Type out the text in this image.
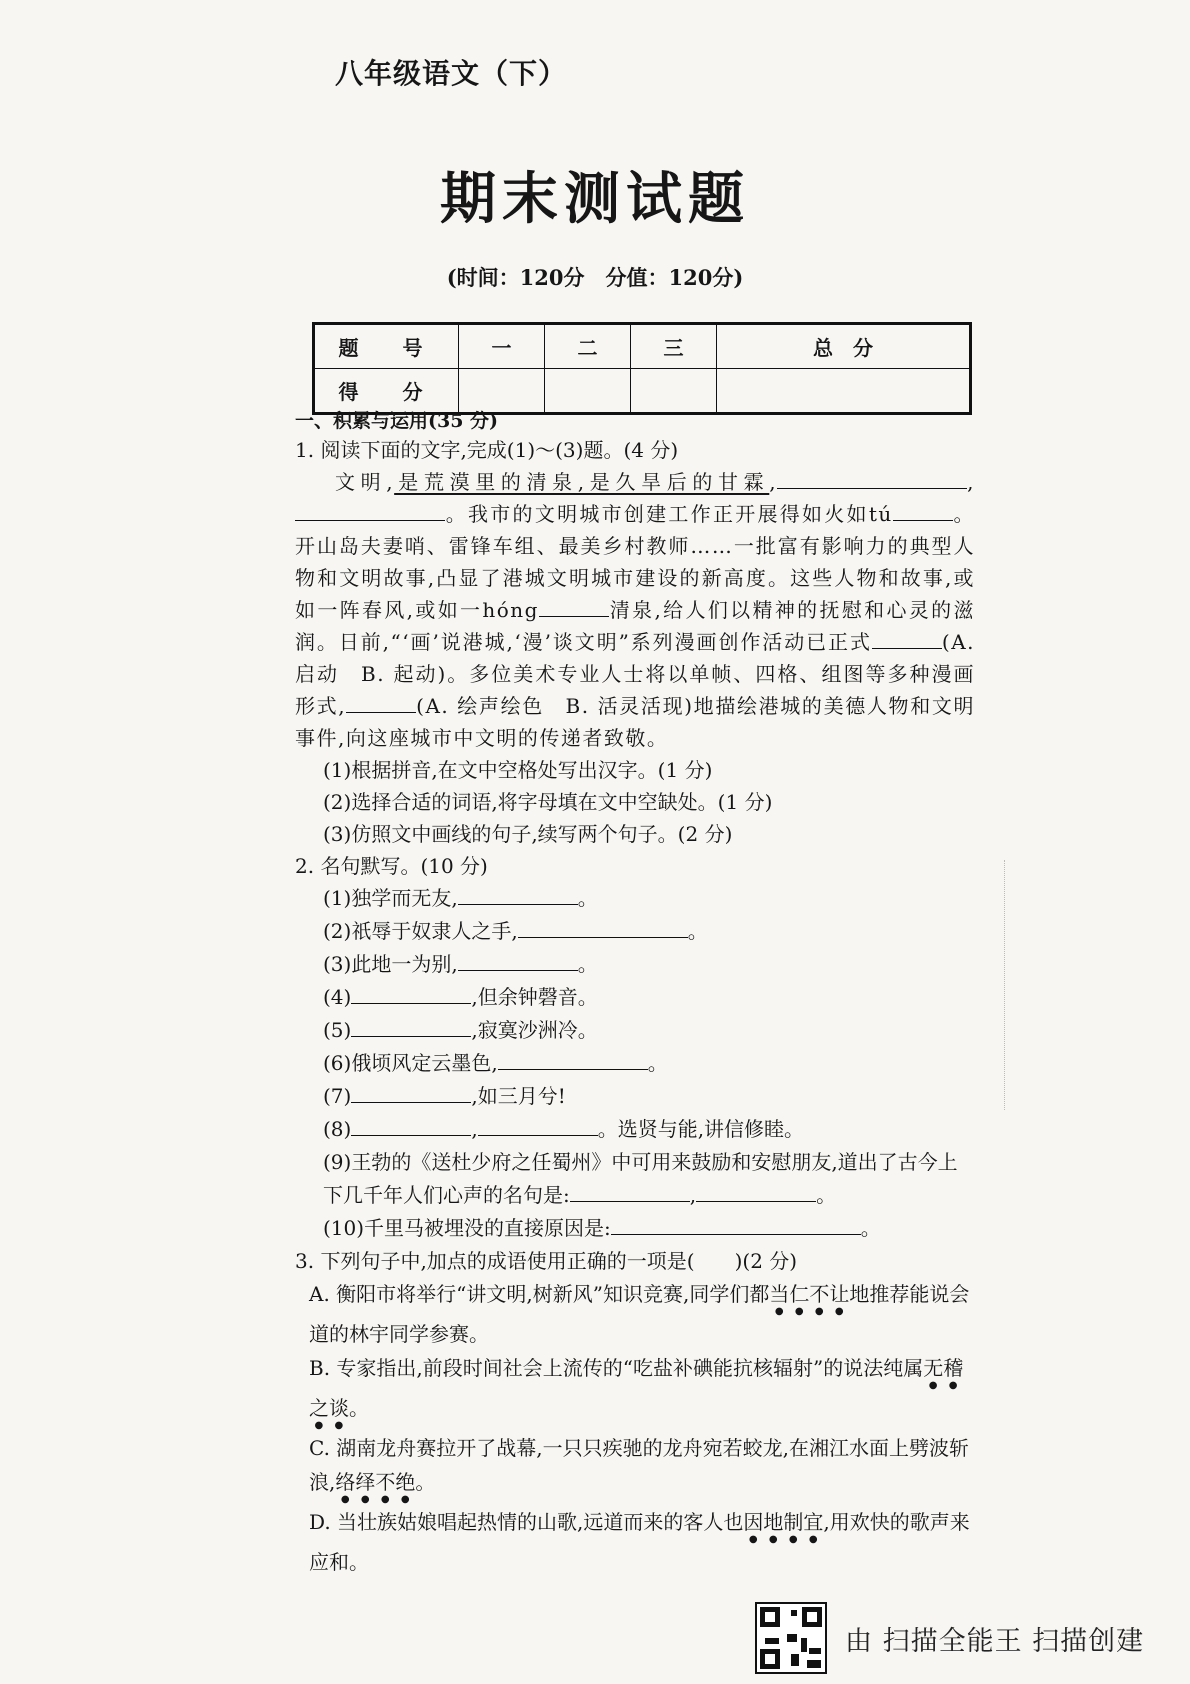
八年级语文（下）
期末测试题
(时间：120分　分值：120分)
题　号	一	二	三	总　分
得　分				
一、积累与运用(35 分)
1. 阅读下面的文字,完成(1)～(3)题。(4 分)
文明,是荒漠里的清泉,是久旱后的甘霖,	,。我市的文明城市创建工作正开展得如火如tú	。开山岛夫妻哨、雷锋车组、最美乡村教师……一批富有影响力的典型人物和文明故事,凸显了港城文明城市建设的新高度。这些人物和故事,或如一阵春风,或如一hóng	清泉,给人们以精神的抚慰和心灵的滋润。日前,“‘画’说港城,‘漫’谈文明”系列漫画创作活动已正式	(A. 启动　B. 起动)。多位美术专业人士将以单帧、四格、组图等多种漫画形式,	(A. 绘声绘色　B. 活灵活现)地描绘港城的美德人物和文明事件,向这座城市中文明的传递者致敬。
(1)根据拼音,在文中空格处写出汉字。(1 分)
(2)选择合适的词语,将字母填在文中空缺处。(1 分)
(3)仿照文中画线的句子,续写两个句子。(2 分)
2. 名句默写。(10 分)
(1)独学而无友,	。
(2)祇辱于奴隶人之手,	。
(3)此地一为别,	。
(4)	,但余钟磬音。
(5)	,寂寞沙洲冷。
(6)俄顷风定云墨色,	。
(7)	,如三月兮!
(8)	,	。选贤与能,讲信修睦。
(9)王勃的《送杜少府之任蜀州》中可用来鼓励和安慰朋友,道出了古今上下几千年人们心声的名句是:	,	。
(10)千里马被埋没的直接原因是:	。
3. 下列句子中,加点的成语使用正确的一项是(　　)(2 分)
A. 衡阳市将举行“讲文明,树新风”知识竞赛,同学们都当仁不让地推荐能说会道的林宇同学参赛。
B. 专家指出,前段时间社会上流传的“吃盐补碘能抗核辐射”的说法纯属无稽之谈。
C. 湖南龙舟赛拉开了战幕,一只只疾驰的龙舟宛若蛟龙,在湘江水面上劈波斩浪,络绎不绝。
D. 当壮族姑娘唱起热情的山歌,远道而来的客人也因地制宜,用欢快的歌声来应和。
由 扫描全能王 扫描创建
